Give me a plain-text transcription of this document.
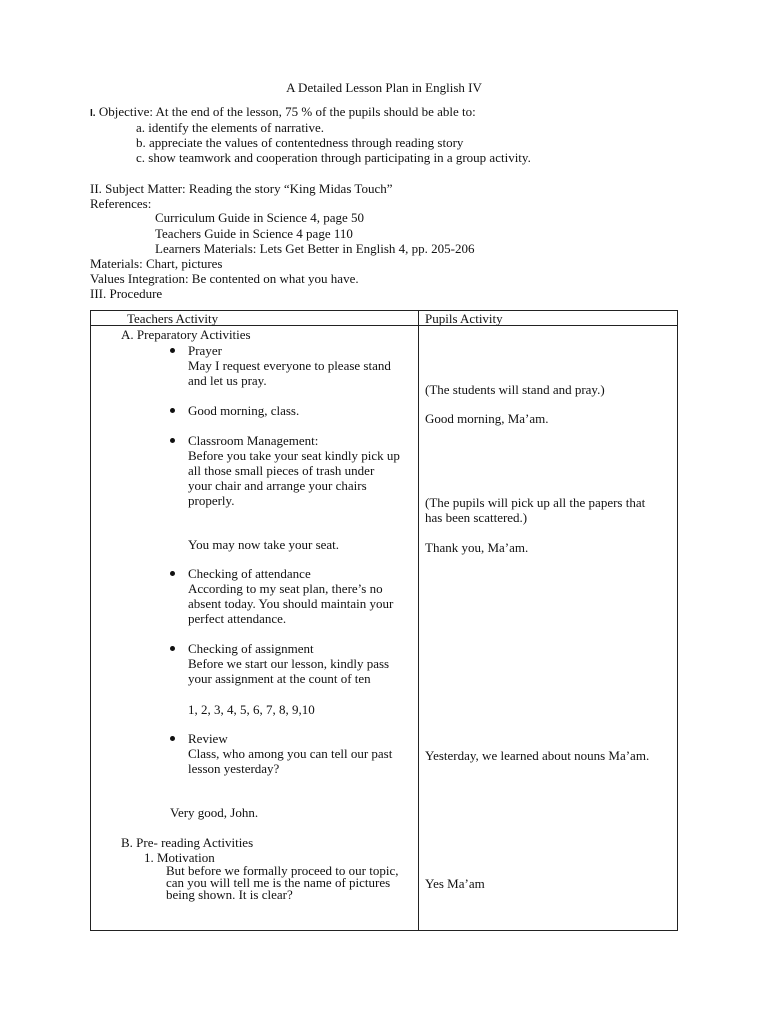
A Detailed Lesson Plan in English IV
I. Objective: At the end of the lesson, 75 % of the pupils should be able to:
a. identify the elements of narrative.
b. appreciate the values of contentedness through reading story
c. show teamwork and cooperation through participating in a group activity.
II. Subject Matter: Reading the story “King Midas Touch”
References:
Curriculum Guide in Science 4, page 50
Teachers Guide in Science 4 page 110
Learners Materials: Lets Get Better in English 4, pp. 205-206
Materials: Chart, pictures
Values Integration: Be contented on what you have.
III. Procedure
Teachers Activity	Pupils Activity
A. Preparatory Activities
Prayer
May I request everyone to please stand and let us pray.
Good morning, class.
Classroom Management:
Before you take your seat kindly pick up all those small pieces of trash under your chair and arrange your chairs properly.
You may now take your seat.
Checking of attendance
According to my seat plan, there’s no absent today. You should maintain your perfect attendance.
Checking of assignment
Before we start our lesson, kindly pass your assignment at the count of ten
1, 2, 3, 4, 5, 6, 7, 8, 9,10
Review
Class, who among you can tell our past lesson yesterday?
Very good, John.
B. Pre- reading Activities
1. Motivation
But before we formally proceed to our topic, can you will tell me is the name of pictures being shown. It is clear?
(The students will stand and pray.)
Good morning, Ma’am.
(The pupils will pick up all the papers that has been scattered.)
Thank you, Ma’am.
Yesterday, we learned about nouns Ma’am.
Yes Ma’am
